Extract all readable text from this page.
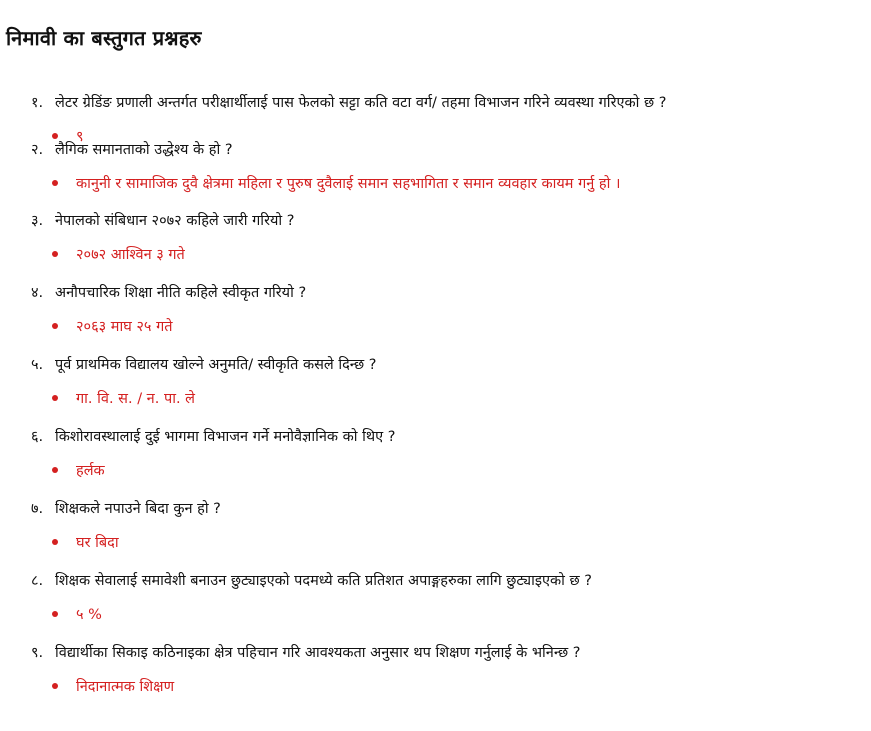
निमावी का बस्तुगत प्रश्नहरु
१. लेटर ग्रेडिंङ प्रणाली अन्तर्गत परीक्षार्थीलाई पास फेलको सट्टा कति वटा वर्ग/ तहमा विभाजन गरिने व्यवस्था गरिएको छ ?
९
२. लैगिक समानताको उद्धेश्य के हो ?
कानुनी र सामाजिक दुवै क्षेत्रमा महिला र पुरुष दुवैलाई समान सहभागिता र समान व्यवहार कायम गर्नु हो ।
३. नेपालको संबिधान २०७२ कहिले जारी गरियो ?
२०७२ आश्विन ३ गते
४. अनौपचारिक शिक्षा नीति कहिले स्वीकृत गरियो ?
२०६३ माघ २५ गते
५. पूर्व प्राथमिक विद्यालय खोल्ने अनुमति/ स्वीकृति कसले दिन्छ ?
गा. वि. स. / न. पा. ले
६. किशोरावस्थालाई दुई भागमा विभाजन गर्ने मनोवैज्ञानिक को थिए ?
हर्लक
७. शिक्षकले नपाउने बिदा कुन हो ?
घर बिदा
८. शिक्षक सेवालाई समावेशी बनाउन छुट्याइएको पदमध्ये कति प्रतिशत अपाङ्गहरुका लागि छुट्याइएको छ ?
५ %
९. विद्यार्थीका सिकाइ कठिनाइका क्षेत्र पहिचान गरि आवश्यकता अनुसार थप शिक्षण गर्नुलाई के भनिन्छ ?
निदानात्मक शिक्षण
